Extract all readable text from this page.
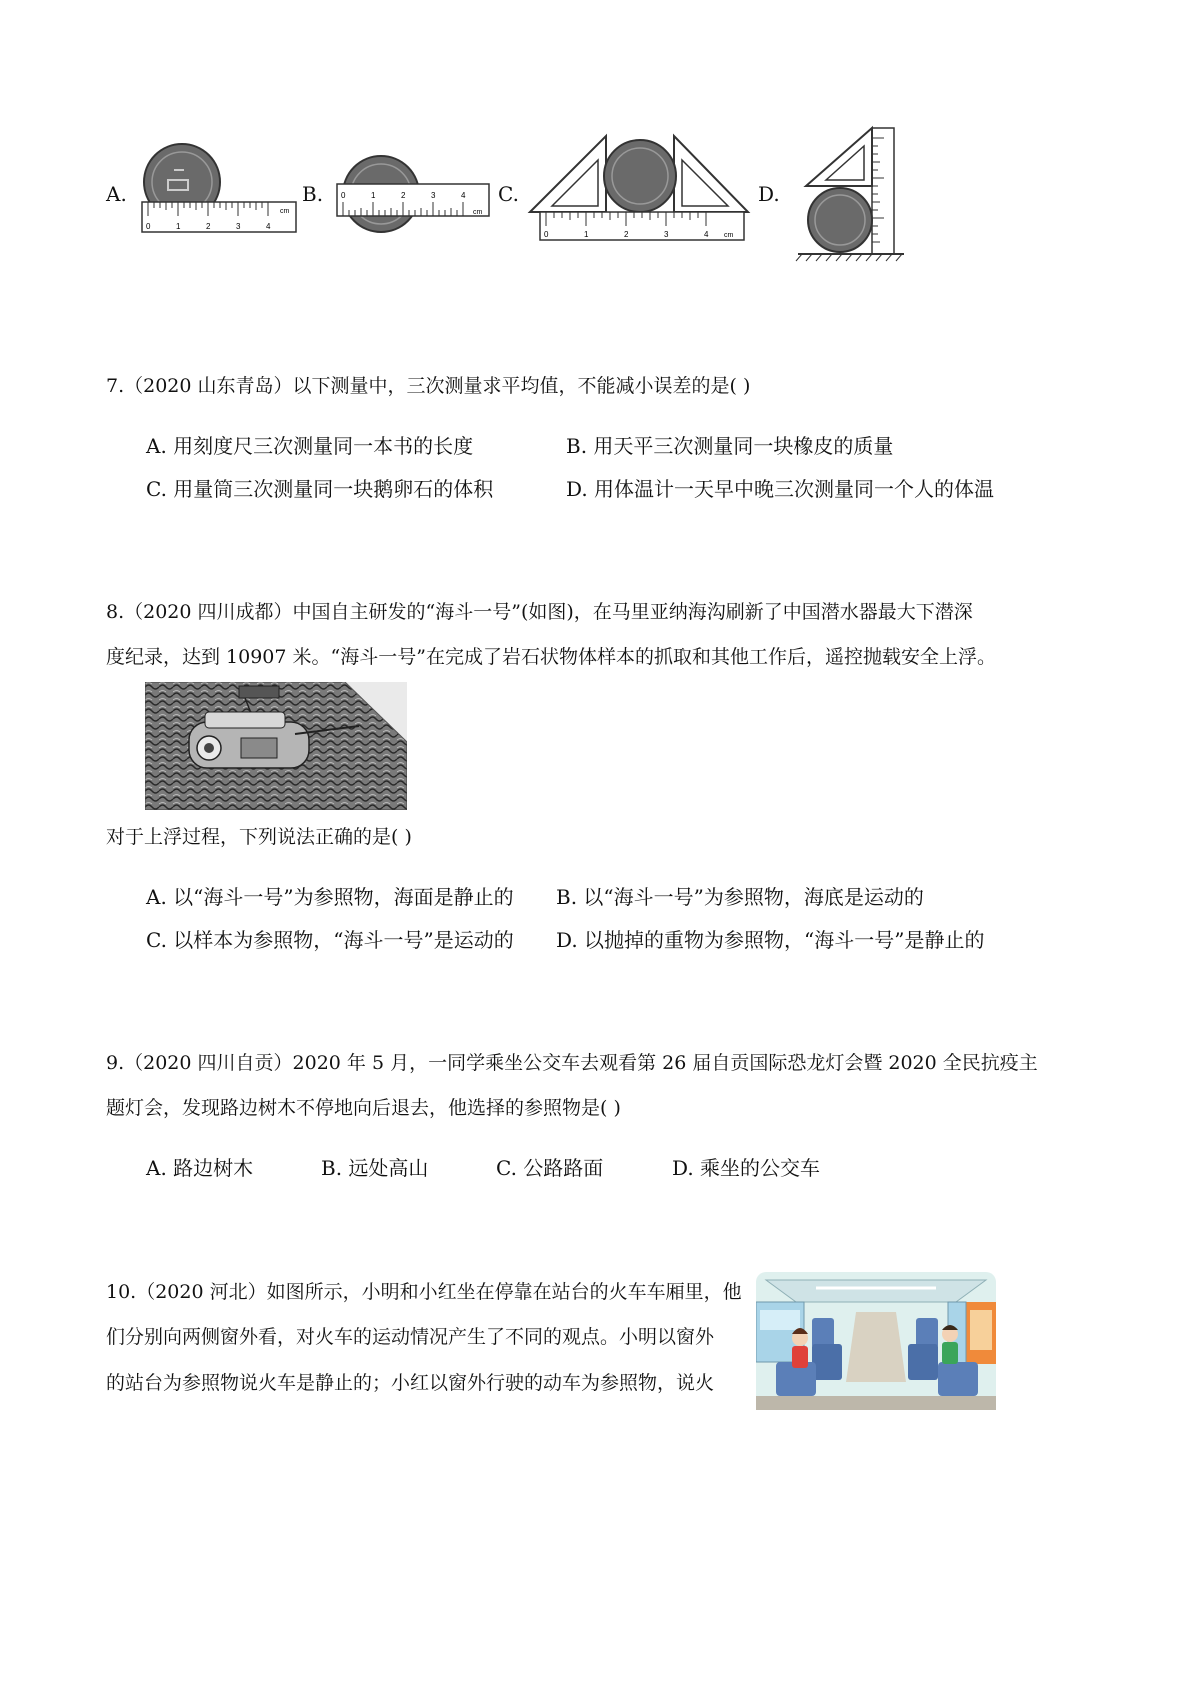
A.
0	1	2	3	4
cm
B. 0	1	2	3	4
cm
C.
0	1	2	3	4 cm
D.
7.（2020 山东青岛）以下测量中，三次测量求平均值，不能减小误差的是( )
A. 用刻度尺三次测量同一本书的长度	B. 用天平三次测量同一块橡皮的质量
C. 用量筒三次测量同一块鹅卵石的体积	D. 用体温计一天早中晚三次测量同一个人的体温
8.（2020 四川成都）中国自主研发的“海斗一号”(如图)，在马里亚纳海沟刷新了中国潜水器最大下潜深
度纪录，达到 10907 米。“海斗一号”在完成了岩石状物体样本的抓取和其他工作后，遥控抛载安全上浮。
对于上浮过程，下列说法正确的是( )
A. 以“海斗一号”为参照物，海面是静止的 B. 以“海斗一号”为参照物，海底是运动的
C. 以样本为参照物，“海斗一号”是运动的 D. 以抛掉的重物为参照物，“海斗一号”是静止的
9.（2020 四川自贡）2020 年 5 月，一同学乘坐公交车去观看第 26 届自贡国际恐龙灯会暨 2020 全民抗疫主
题灯会，发现路边树木不停地向后退去，他选择的参照物是( )
A. 路边树木	B. 远处高山	C. 公路路面	D. 乘坐的公交车
10.（2020 河北）如图所示，小明和小红坐在停靠在站台的火车车厢里，他
们分别向两侧窗外看，对火车的运动情况产生了不同的观点。小明以窗外
的站台为参照物说火车是静止的；小红以窗外行驶的动车为参照物，说火
